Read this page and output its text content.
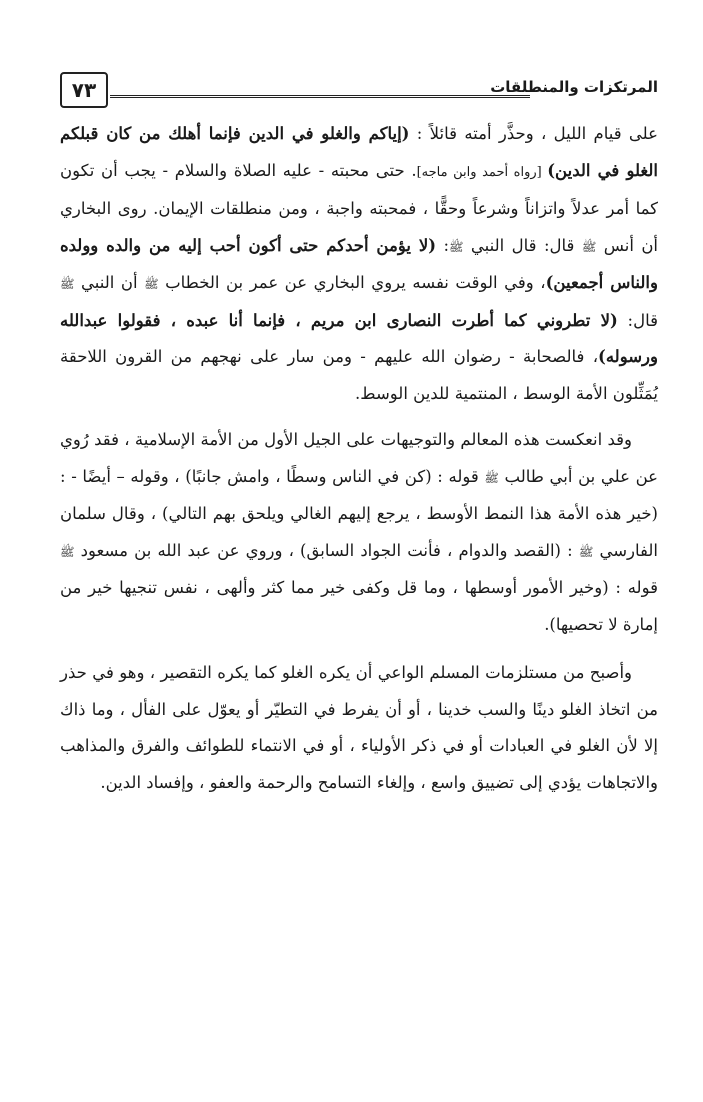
٧٣	المرتكزات والمنطلقات

على قيام الليل ، وحذَّر أمته قائلاً : (إياكم والغلو في الدين فإنما أهلك من كان قبلكم الغلو في الدين) [رواه أحمد وابن ماجه]. حتى محبته - عليه الصلاة والسلام - يجب أن تكون كما أمر عدلاً واتزاناً وشرعاً وحقًّا ، فمحبته واجبة ، ومن منطلقات الإيمان. روى البخاري أن أنس ﷺ قال: قال النبي ﷺ: (لا يؤمن أحدكم حتى أكون أحب إليه من والده وولده والناس أجمعين)، وفي الوقت نفسه يروي البخاري عن عمر بن الخطاب ﷺ أن النبي ﷺ قال: (لا تطروني كما أطرت النصارى ابن مريم ، فإنما أنا عبده ، فقولوا عبدالله ورسوله)، فالصحابة - رضوان الله عليهم - ومن سار على نهجهم من القرون اللاحقة يُمَثِّلون الأمة الوسط ، المنتمية للدين الوسط.

وقد انعكست هذه المعالم والتوجيهات على الجيل الأول من الأمة الإسلامية ، فقد رُوي عن علي بن أبي طالب ﷺ قوله : (كن في الناس وسطًا ، وامش جانبًا) ، وقوله – أيضًا - : (خير هذه الأمة هذا النمط الأوسط ، يرجع إليهم الغالي ويلحق بهم التالي) ، وقال سلمان الفارسي ﷺ : (القصد والدوام ، فأنت الجواد السابق) ، وروي عن عبد الله بن مسعود ﷺ قوله : (وخير الأمور أوسطها ، وما قل وكفى خير مما كثر وألهى ، نفس تنجيها خير من إمارة لا تحصيها).

وأصبح من مستلزمات المسلم الواعي أن يكره الغلو كما يكره التقصير ، وهو في حذر من اتخاذ الغلو دينًا والسب خدينا ، أو أن يفرط في التطيّر أو يعوّل على الفأل ، وما ذاك إلا لأن الغلو في العبادات أو في ذكر الأولياء ، أو في الانتماء للطوائف والفرق والمذاهب والاتجاهات يؤدي إلى تضييق واسع ، وإلغاء التسامح والرحمة والعفو ، وإفساد الدين.
